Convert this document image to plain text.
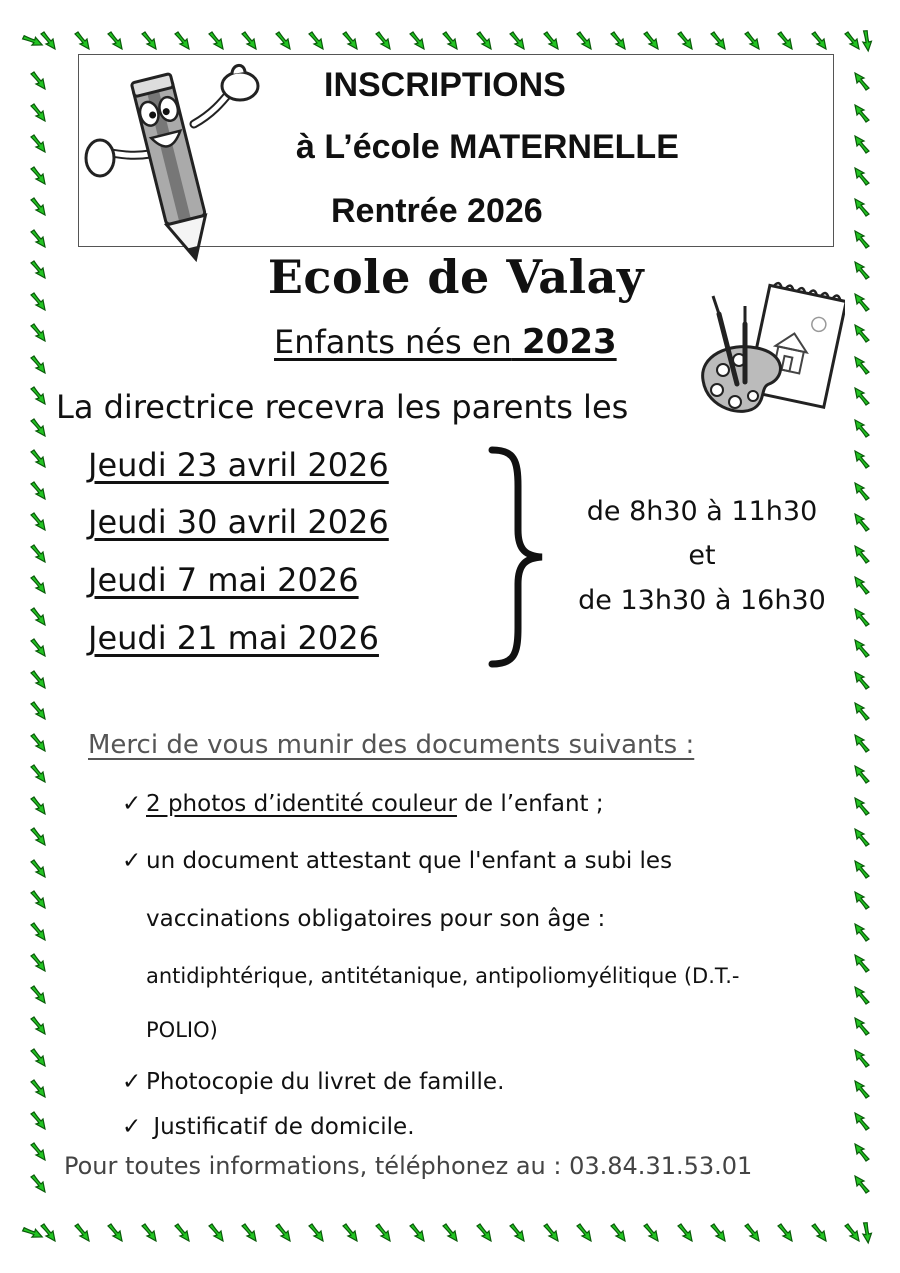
INSCRIPTIONS
à L’école MATERNELLE
Rentrée 2026
Ecole de Valay
Enfants nés en 2023
La directrice recevra les parents les
Jeudi 23 avril 2026
Jeudi 30 avril 2026
Jeudi 7 mai 2026
Jeudi 21 mai 2026
de 8h30 à 11h30
et
de 13h30 à 16h30
Merci de vous munir des documents suivants :
✓ 2 photos d’identité couleur de l’enfant ;
✓ un document attestant que l'enfant a subi les
vaccinations obligatoires pour son âge :
antidiphtérique, antitétanique, antipoliomyélitique (D.T.-
POLIO)
✓ Photocopie du livret de famille.
✓ Justificatif de domicile.
Pour toutes informations, téléphonez au : 03.84.31.53.01
